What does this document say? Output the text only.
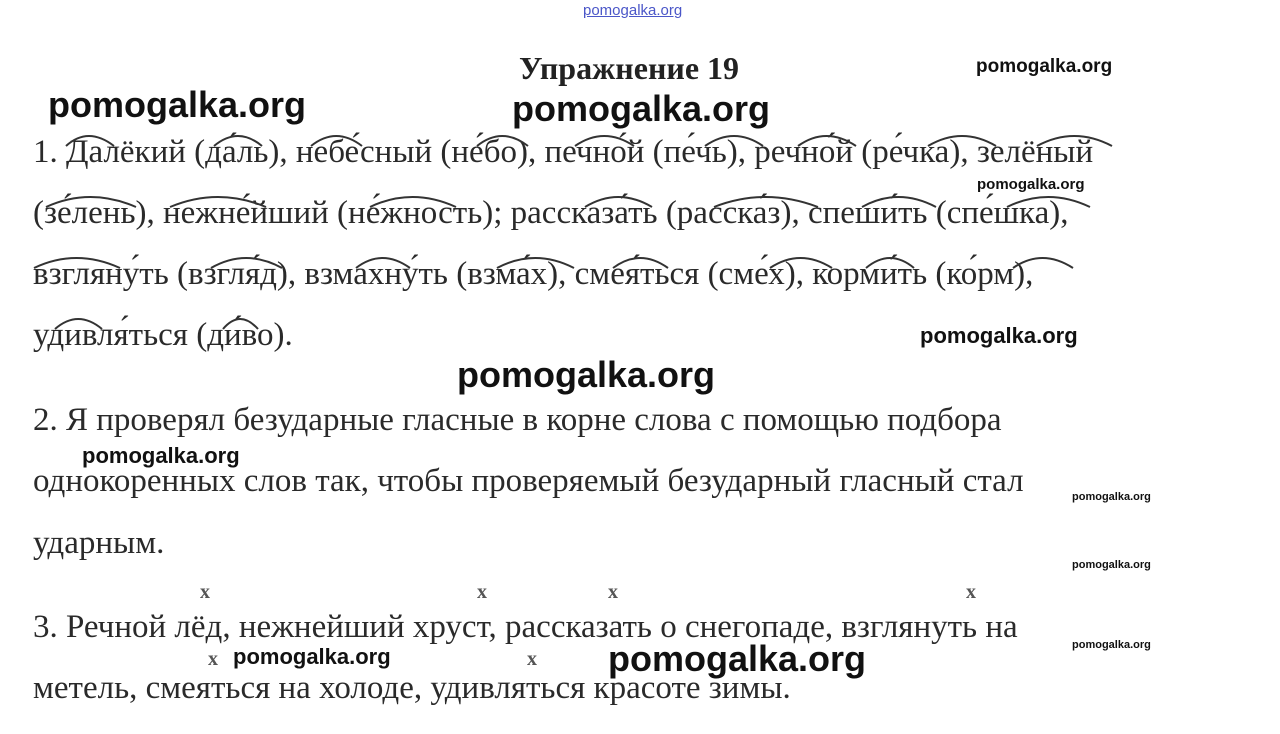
pomogalka.org
Упражнение 19	pomogalka.org
pomogalka.org	pomogalka.org
1. Далёкий (да́ль), небе́сный (не́бо), печно́й (пе́чь), речно́й (ре́чка), зелёный
pomogalka.org
(зе́лень), нежне́йший (не́жность); рассказа́ть (расска́з), спеши́ть (спе́шка),
взгляну́ть (взгля́д), взмахну́ть (взма́х), смея́ться (сме́х), корми́ть (ко́рм),
удивля́ться (ди́во).	pomogalka.org
pomogalka.org
2. Я проверял безударные гласные в корне слова с помощью подбора
pomogalka.org
однокоренных слов так, чтобы проверяемый безударный гласный стал	pomogalka.org
ударным.
pomogalka.org
x	x	x	x
3. Речной лёд, нежнейший хруст, рассказать о снегопаде, взглянуть на	pomogalka.org
x pomogalka.org	x pomogalka.org
метель, смеяться на холоде, удивляться красоте зимы.
